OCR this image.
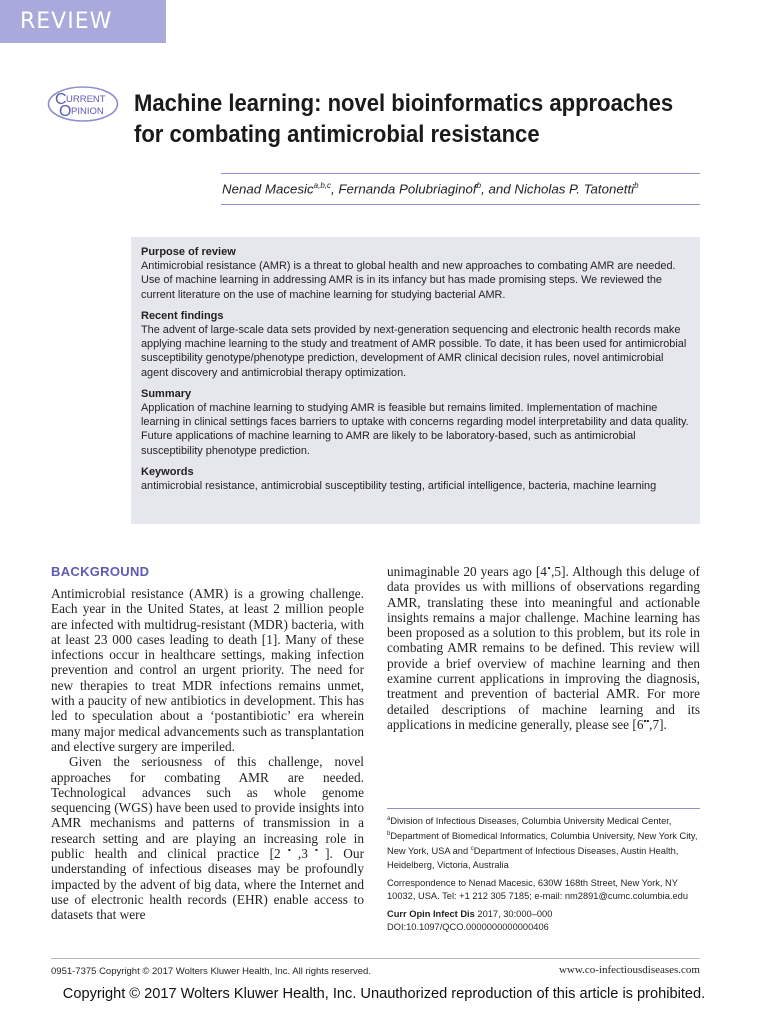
REVIEW
C URRENT
O PINION Machine learning: novel bioinformatics approaches
for combating antimicrobial resistance
Nenad Macesic$^{a,b,c}$, Fernanda Polubriaginof$^b$, and Nicholas P. Tatonetti$^b$
Purpose of review

Antimicrobial resistance (AMR) is a threat to global health and new approaches to combating AMR are needed. Use of machine learning in addressing AMR is in its infancy but has made promising steps. We reviewed the current literature on the use of machine learning for studying bacterial AMR.

Recent findings

The advent of large-scale data sets provided by next-generation sequencing and electronic health records make applying machine learning to the study and treatment of AMR possible. To date, it has been used for antimicrobial susceptibility genotype/phenotype prediction, development of AMR clinical decision rules, novel antimicrobial agent discovery and antimicrobial therapy optimization.

Summary

Application of machine learning to studying AMR is feasible but remains limited. Implementation of machine learning in clinical settings faces barriers to uptake with concerns regarding model interpretability and data quality.

Future applications of machine learning to AMR are likely to be laboratory-based, such as antimicrobial susceptibility phenotype prediction.

Keywords

antimicrobial resistance, antimicrobial susceptibility testing, artificial intelligence, bacteria, machine learning

BACKGROUND

Antimicrobial resistance (AMR) is a growing challenge. Each year in the United States, at least 2 million people are infected with multidrug-resistant (MDR) bacteria, with at least 23 000 cases leading to death [1]. Many of these infections occur in healthcare settings, making infection prevention and control an urgent priority. The need for new therapies to treat MDR infections remains unmet, with a paucity of new antibiotics in development. This has led to speculation about a ‘postantibiotic’ era wherein many major medical advancements such as transplantation and elective surgery are imperiled.

Given the seriousness of this challenge, novel approaches for combating AMR are needed. Technological advances such as whole genome sequencing (WGS) have been used to provide insights into AMR mechanisms and patterns of transmission in a research setting and are playing an increasing role in public health and clinical practice [2▪,3▪]. Our understanding of infectious diseases may be profoundly impacted by the advent of big data, where the Internet and use of electronic health records (EHR) enable access to datasets that were

unimaginable 20 years ago [4▪,5]. Although this deluge of data provides us with millions of observations regarding AMR, translating these into meaningful and actionable insights remains a major challenge. Machine learning has been proposed as a solution to this problem, but its role in combating AMR remains to be defined. This review will provide a brief overview of machine learning and then examine current applications in improving the diagnosis, treatment and prevention of bacterial AMR. For more detailed descriptions of machine learning and its applications in medicine generally, please see [6▪▪,7].

$^a$Division of Infectious Diseases, Columbia University Medical Center, $^b$Department of Biomedical Informatics, Columbia University, New York City, New York, USA and $^c$Department of Infectious Diseases, Austin Health, Heidelberg, Victoria, Australia

Correspondence to Nenad Macesic, 630W 168th Street, New York, NY 10032, USA. Tel: +1 212 305 7185; e-mail: nm2891@cumc.columbia.edu

Curr Opin Infect Dis 2017, 30:000–000

DOI:10.1097/QCO.0000000000000406

0951-7375 Copyright © 2017 Wolters Kluwer Health, Inc. All rights reserved.	www.co-infectiousdiseases.com
Copyright © 2017 Wolters Kluwer Health, Inc. Unauthorized reproduction of this article is prohibited.
